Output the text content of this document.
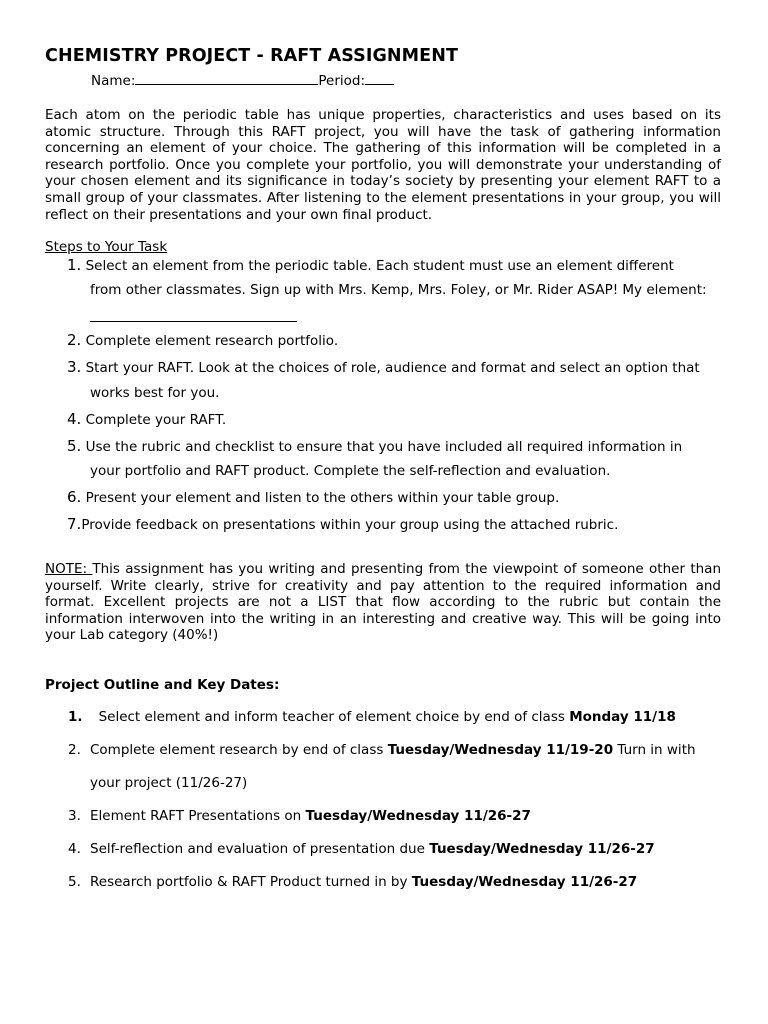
CHEMISTRY PROJECT - RAFT ASSIGNMENT
Name:	Period:
Each atom on the periodic table has unique properties, characteristics and uses based on its atomic structure. Through this RAFT project, you will have the task of gathering information concerning an element of your choice. The gathering of this information will be completed in a research portfolio. Once you complete your portfolio, you will demonstrate your understanding of your chosen element and its significance in today’s society by presenting your element RAFT to a small group of your classmates. After listening to the element presentations in your group, you will reflect on their presentations and your own final product.
Steps to Your Task
1. Select an element from the periodic table. Each student must use an element different
from other classmates. Sign up with Mrs. Kemp, Mrs. Foley, or Mr. Rider ASAP! My element:
2. Complete element research portfolio.
3. Start your RAFT. Look at the choices of role, audience and format and select an option that
works best for you.
4. Complete your RAFT.
5. Use the rubric and checklist to ensure that you have included all required information in
your portfolio and RAFT product. Complete the self-reflection and evaluation.
6. Present your element and listen to the others within your table group.
7.Provide feedback on presentations within your group using the attached rubric.
NOTE: This assignment has you writing and presenting from the viewpoint of someone other than yourself. Write clearly, strive for creativity and pay attention to the required information and format. Excellent projects are not a LIST that flow according to the rubric but contain the information interwoven into the writing in an interesting and creative way. This will be going into your Lab category (40%!)
Project Outline and Key Dates:
1.  Select element and inform teacher of element choice by end of class Monday 11/18
2. Complete element research by end of class Tuesday/Wednesday 11/19-20 Turn in with
your project (11/26-27)
3. Element RAFT Presentations on Tuesday/Wednesday 11/26-27
4. Self-reflection and evaluation of presentation due Tuesday/Wednesday 11/26-27
5. Research portfolio & RAFT Product turned in by Tuesday/Wednesday 11/26-27
